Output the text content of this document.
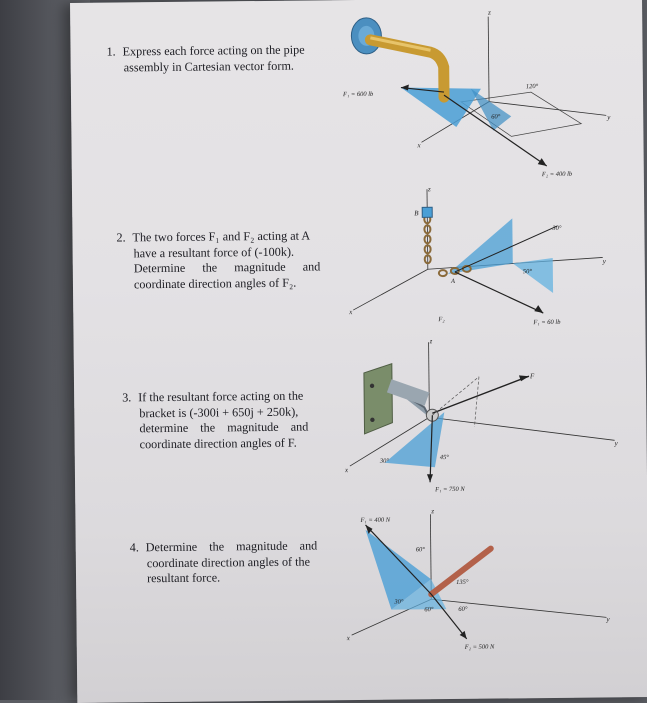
1. Express each force acting on the pipe
assembly in Cartesian vector form.
2. The two forces F₁ and F₂ acting at A
have a resultant force of (-100k).
Determine the magnitude and
coordinate direction angles of F₂.
3. If the resultant force acting on the
bracket is (-300i + 650j + 250k),
determine the magnitude and
coordinate direction angles of F.
4. Determine the magnitude and
coordinate direction angles of the
resultant force.
z
y
x
F₁ = 600 lb
F₂ = 400 lb
120°
60°
z
y
x
B
A
F₁ = 60 lb
F₂
30°
50°
z
y
x
F
F₁ = 750 N
45°
30°
z
y
x
F₁ = 400 N
F₂ = 500 N
60°
135°
60°	60°
30°
